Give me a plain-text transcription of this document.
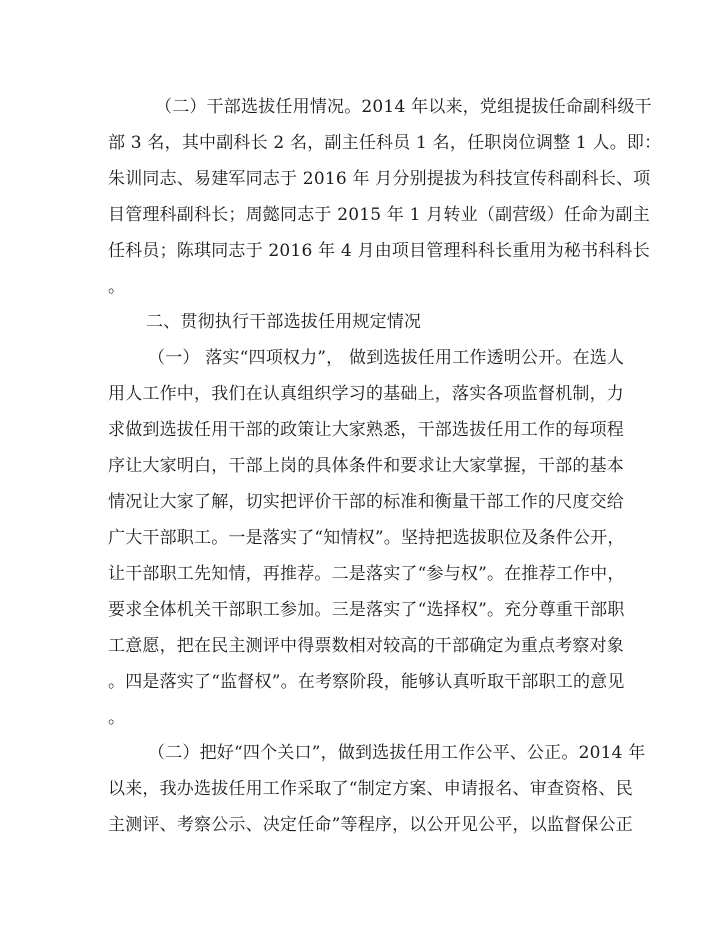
（二）干部选拔任用情况。2014 年以来，党组提拔任命副科级干
部 3 名，其中副科长 2 名，副主任科员 1 名，任职岗位调整 1 人。即：
朱训同志、易建军同志于 2016 年 月分别提拔为科技宣传科副科长、项
目管理科副科长；周懿同志于 2015 年 1 月转业（副营级）任命为副主
任科员；陈琪同志于 2016 年 4 月由项目管理科科长重用为秘书科科长
。
二、贯彻执行干部选拔任用规定情况
（一） 落实“四项权力”， 做到选拔任用工作透明公开。在选人
用人工作中，我们在认真组织学习的基础上，落实各项监督机制，力
求做到选拔任用干部的政策让大家熟悉，干部选拔任用工作的每项程
序让大家明白，干部上岗的具体条件和要求让大家掌握，干部的基本
情况让大家了解，切实把评价干部的标准和衡量干部工作的尺度交给
广大干部职工。一是落实了“知情权”。坚持把选拔职位及条件公开，
让干部职工先知情，再推荐。二是落实了“参与权”。在推荐工作中，
要求全体机关干部职工参加。三是落实了“选择权”。充分尊重干部职
工意愿，把在民主测评中得票数相对较高的干部确定为重点考察对象
。四是落实了“监督权”。在考察阶段，能够认真听取干部职工的意见
。
（二）把好“四个关口”，做到选拔任用工作公平、公正。2014 年
以来，我办选拔任用工作采取了“制定方案、申请报名、审查资格、民
主测评、考察公示、决定任命”等程序，以公开见公平，以监督保公正
